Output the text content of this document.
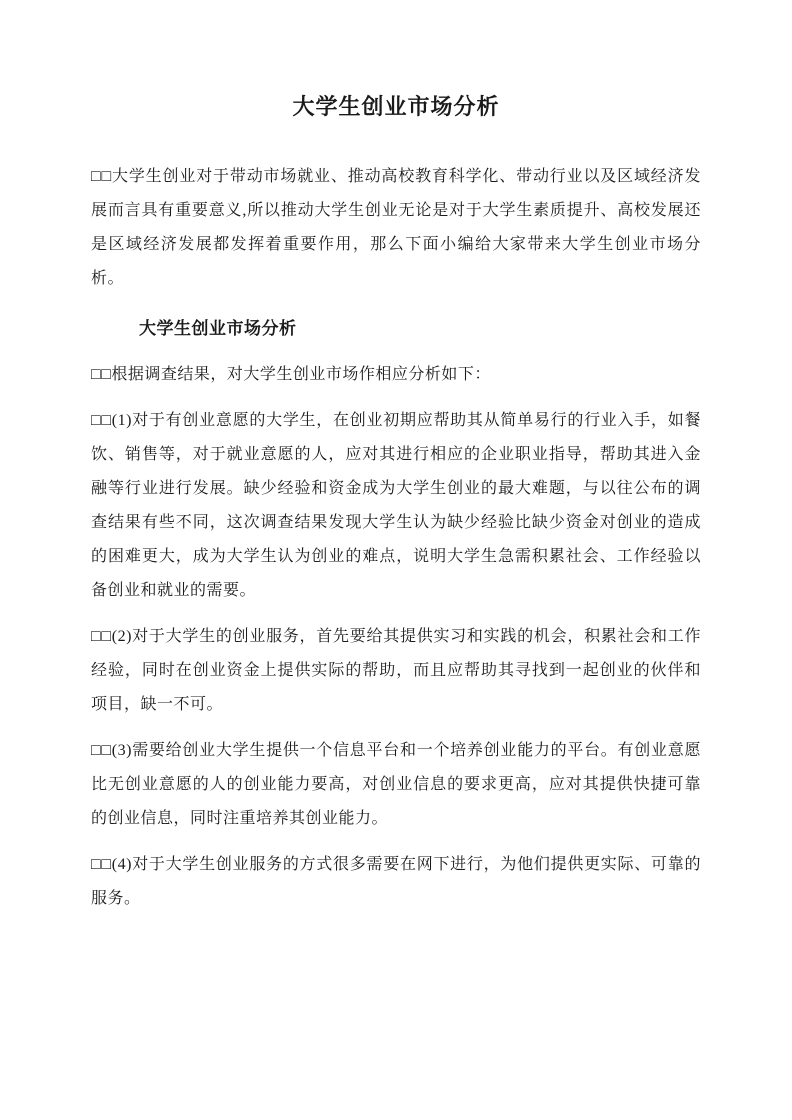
大学生创业市场分析

□□大学生创业对于带动市场就业、推动高校教育科学化、带动行业以及区域经济发展而言具有重要意义,所以推动大学生创业无论是对于大学生素质提升、高校发展还是区域经济发展都发挥着重要作用，那么下面小编给大家带来大学生创业市场分析。

大学生创业市场分析

□□根据调查结果，对大学生创业市场作相应分析如下：

□□(1)对于有创业意愿的大学生，在创业初期应帮助其从简单易行的行业入手，如餐饮、销售等，对于就业意愿的人，应对其进行相应的企业职业指导，帮助其进入金融等行业进行发展。缺少经验和资金成为大学生创业的最大难题，与以往公布的调查结果有些不同，这次调查结果发现大学生认为缺少经验比缺少资金对创业的造成的困难更大，成为大学生认为创业的难点，说明大学生急需积累社会、工作经验以备创业和就业的需要。

□□(2)对于大学生的创业服务，首先要给其提供实习和实践的机会，积累社会和工作经验，同时在创业资金上提供实际的帮助，而且应帮助其寻找到一起创业的伙伴和项目，缺一不可。

□□(3)需要给创业大学生提供一个信息平台和一个培养创业能力的平台。有创业意愿比无创业意愿的人的创业能力要高，对创业信息的要求更高，应对其提供快捷可靠的创业信息，同时注重培养其创业能力。

□□(4)对于大学生创业服务的方式很多需要在网下进行，为他们提供更实际、可靠的服务。
